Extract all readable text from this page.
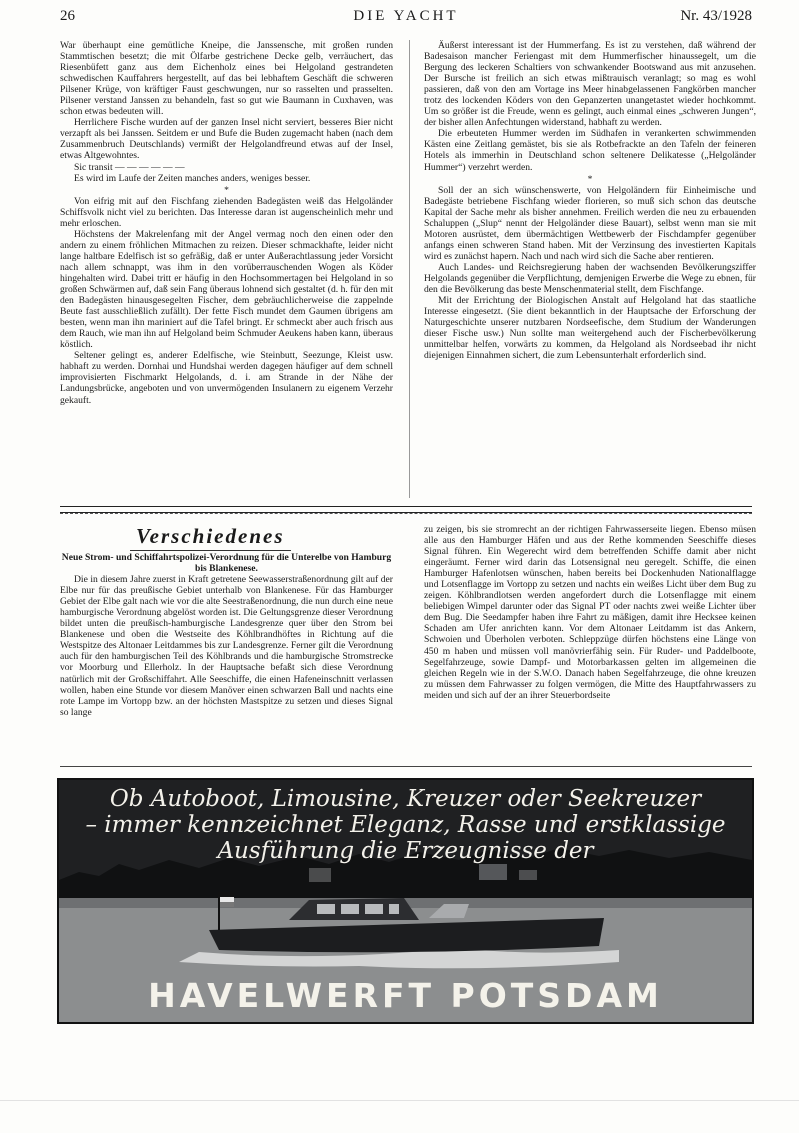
26	DIE YACHT	Nr. 43/1928

War überhaupt eine gemütliche Kneipe, die Janssensche, mit großen runden Stammtischen besetzt; die mit Ölfarbe gestrichene Decke gelb, verräuchert, das Riesenbüfett ganz aus dem Eichenholz eines bei Helgoland gestrandeten schwedischen Kauffahrers hergestellt, auf das bei lebhaftem Geschäft die schweren Pilsener Krüge, von kräftiger Faust geschwungen, nur so rasselten und prasselten. Pilsener verstand Janssen zu behandeln, fast so gut wie Baumann in Cuxhaven, was schon etwas bedeuten will.

Herrlichere Fische wurden auf der ganzen Insel nicht serviert, besseres Bier nicht verzapft als bei Janssen. Seitdem er und Bufe die Buden zugemacht haben (nach dem Zusammenbruch Deutschlands) vermißt der Helgolandfreund etwas auf der Insel, etwas Altgewohntes.

Sic transit — — — — — —

Es wird im Laufe der Zeiten manches anders, weniges besser.

*

Von eifrig mit auf den Fischfang ziehenden Badegästen weiß das Helgoländer Schiffsvolk nicht viel zu berichten. Das Interesse daran ist augenscheinlich mehr und mehr erloschen.

Höchstens der Makrelenfang mit der Angel vermag noch den einen oder den andern zu einem fröhlichen Mitmachen zu reizen. Dieser schmackhafte, leider nicht lange haltbare Edelfisch ist so gefräßig, daß er unter Außerachtlassung jeder Vorsicht nach allem schnappt, was ihm in den vorüberrauschenden Wogen als Köder hingehalten wird. Dabei tritt er häufig in den Hochsommertagen bei Helgoland in so großen Schwärmen auf, daß sein Fang überaus lohnend sich gestaltet (d. h. für den mit den Badegästen hinausgesegelten Fischer, dem gebräuchlicherweise die zappelnde Beute fast ausschließlich zufällt). Der fette Fisch mundet dem Gaumen übrigens am besten, wenn man ihn mariniert auf die Tafel bringt. Er schmeckt aber auch frisch aus dem Rauch, wie man ihn auf Helgoland beim Schmuder Aeukens haben kann, überaus köstlich.

Seltener gelingt es, anderer Edelfische, wie Steinbutt, Seezunge, Kleist usw. habhaft zu werden. Dornhai und Hundshai werden dagegen häufiger auf dem schnell improvisierten Fischmarkt Helgolands, d. i. am Strande in der Nähe der Landungsbrücke, angeboten und von unvermögenden Insulanern zu eigenem Verzehr gekauft.

Äußerst interessant ist der Hummerfang. Es ist zu verstehen, daß während der Badesaison mancher Feriengast mit dem Hummerfischer hinaussegelt, um die Bergung des leckeren Schaltiers von schwankender Bootswand aus mit anzusehen. Der Bursche ist freilich an sich etwas mißtrauisch veranlagt; so mag es wohl passieren, daß von den am Vortage ins Meer hinabgelassenen Fangkörben mancher trotz des lockenden Köders von den Gepanzerten unangetastet wieder hochkommt. Um so größer ist die Freude, wenn es gelingt, auch einmal eines „schweren Jungen“, der bisher allen Anfechtungen widerstand, habhaft zu werden.

Die erbeuteten Hummer werden im Südhafen in verankerten schwimmenden Kästen eine Zeitlang gemästet, bis sie als Rotbefrackte an den Tafeln der feineren Hotels als immerhin in Deutschland schon seltenere Delikatesse („Helgoländer Hummer“) verzehrt werden.

*

Soll der an sich wünschenswerte, von Helgoländern für Einheimische und Badegäste betriebene Fischfang wieder florieren, so muß sich schon das deutsche Kapital der Sache mehr als bisher annehmen. Freilich werden die neu zu erbauenden Schaluppen („Slup“ nennt der Helgoländer diese Bauart), selbst wenn man sie mit Motoren ausrüstet, dem übermächtigen Wettbewerb der Fischdampfer gegenüber anfangs einen schweren Stand haben. Mit der Verzinsung des investierten Kapitals wird es zunächst hapern. Nach und nach wird sich die Sache aber rentieren.

Auch Landes- und Reichsregierung haben der wachsenden Bevölkerungsziffer Helgolands gegenüber die Verpflichtung, demjenigen Erwerbe die Wege zu ebnen, für den die Bevölkerung das beste Menschenmaterial stellt, dem Fischfange.

Mit der Errichtung der Biologischen Anstalt auf Helgoland hat das staatliche Interesse eingesetzt. (Sie dient bekanntlich in der Hauptsache der Erforschung der Naturgeschichte unserer nutzbaren Nordseefische, dem Studium der Wanderungen dieser Fische usw.) Nun sollte man weitergehend auch der Fischerbevölkerung unmittelbar helfen, vorwärts zu kommen, da Helgoland als Nordseebad ihr nicht diejenigen Einnahmen sichert, die zum Lebensunterhalt erforderlich sind.

Verschiedenes

Neue Strom- und Schiffahrtspolizei-Verordnung für die Unterelbe von Hamburg bis Blankenese.

Die in diesem Jahre zuerst in Kraft getretene Seewasserstraßenordnung gilt auf der Elbe nur für das preußische Gebiet unterhalb von Blankenese. Für das Hamburger Gebiet der Elbe galt nach wie vor die alte Seestraßenordnung, die nun durch eine neue hamburgische Verordnung abgelöst worden ist. Die Geltungsgrenze dieser Verordnung bildet unten die preußisch-hamburgische Landesgrenze quer über den Strom bei Blankenese und oben die Westseite des Köhlbrandhöftes in Richtung auf die Westspitze des Altonaer Leitdammes bis zur Landesgrenze. Ferner gilt die Verordnung auch für den hamburgischen Teil des Köhlbrands und die hamburgische Stromstrecke vor Moorburg und Ellerholz. In der Hauptsache befaßt sich diese Verordnung natürlich mit der Großschiffahrt. Alle Seeschiffe, die einen Hafeneinschnitt verlassen wollen, haben eine Stunde vor diesem Manöver einen schwarzen Ball und nachts eine rote Lampe im Vortopp bzw. an der höchsten Mastspitze zu setzen und dieses Signal so lange

zu zeigen, bis sie stromrecht an der richtigen Fahrwasserseite liegen. Ebenso müsen alle aus den Hamburger Häfen und aus der Rethe kommenden Seeschiffe dieses Signal führen. Ein Wegerecht wird dem betreffenden Schiffe damit aber nicht eingeräumt. Ferner wird darin das Lotsensignal neu geregelt. Schiffe, die einen Hamburger Hafenlotsen wünschen, haben bereits bei Dockenhuden Nationalflagge und Lotsenflagge im Vortopp zu setzen und nachts ein weißes Licht über dem Bug zu zeigen. Köhlbrandlotsen werden angefordert durch die Lotsenflagge mit einem beliebigen Wimpel darunter oder das Signal PT oder nachts zwei weiße Lichter über dem Bug. Die Seedampfer haben ihre Fahrt zu mäßigen, damit ihre Hecksee keinen Schaden am Ufer anrichten kann. Vor dem Altonaer Leitdamm ist das Ankern, Schwoien und Überholen verboten. Schleppzüge dürfen höchstens eine Länge von 450 m haben und müssen voll manövrierfähig sein. Für Ruder- und Paddelboote, Segelfahrzeuge, sowie Dampf- und Motorbarkassen gelten im allgemeinen die gleichen Regeln wie in der S.W.O. Danach haben Segelfahrzeuge, die ohne kreuzen zu müssen dem Fahrwasser zu folgen vermögen, die Mitte des Hauptfahrwassers zu meiden und sich auf der an ihrer Steuerbordseite

Ob Autoboot, Limousine, Kreuzer oder Seekreuzer
– immer kennzeichnet Eleganz, Rasse und erstklassige
Ausführung die Erzeugnisse der
HAVELWERFT POTSDAM
